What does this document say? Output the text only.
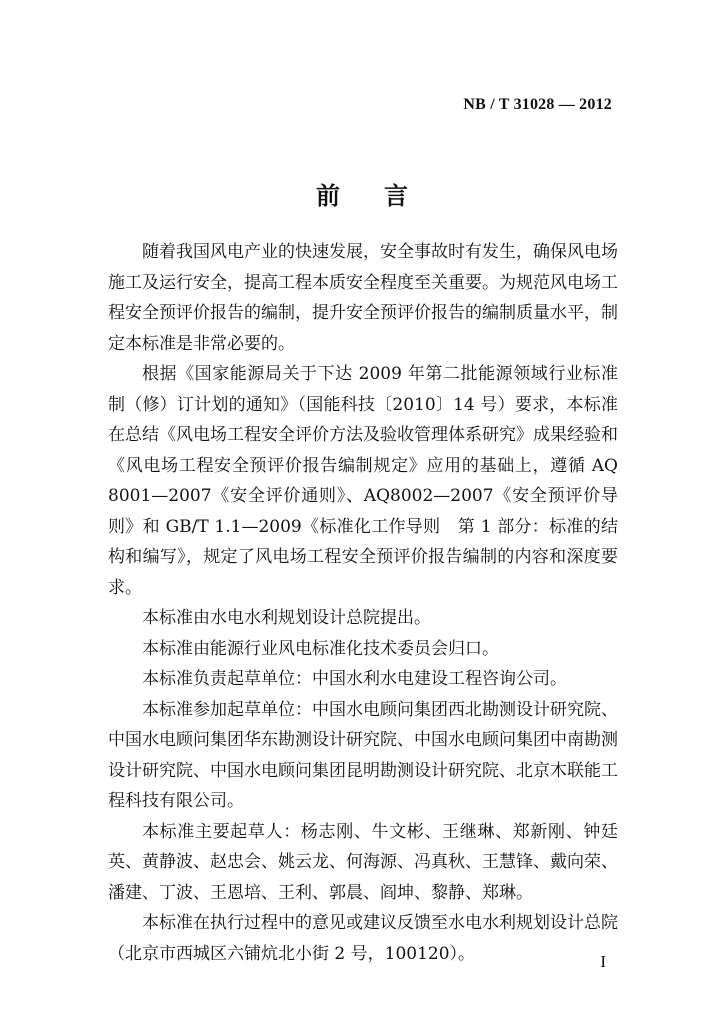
NB / T 31028 — 2012
前言

随着我国风电产业的快速发展，安全事故时有发生，确保风电场施工及运行安全，提高工程本质安全程度至关重要。为规范风电场工程安全预评价报告的编制，提升安全预评价报告的编制质量水平，制定本标准是非常必要的。

根据《国家能源局关于下达 2009 年第二批能源领域行业标准制（修）订计划的通知》（国能科技〔2010〕14 号）要求，本标准在总结《风电场工程安全评价方法及验收管理体系研究》成果经验和《风电场工程安全预评价报告编制规定》应用的基础上，遵循 AQ 8001—2007《安全评价通则》、AQ8002—2007《安全预评价导则》和 GB/T 1.1—2009《标准化工作导则　第 1 部分：标准的结构和编写》，规定了风电场工程安全预评价报告编制的内容和深度要求。

本标准由水电水利规划设计总院提出。

本标准由能源行业风电标准化技术委员会归口。

本标准负责起草单位：中国水利水电建设工程咨询公司。

本标准参加起草单位：中国水电顾问集团西北勘测设计研究院、中国水电顾问集团华东勘测设计研究院、中国水电顾问集团中南勘测设计研究院、中国水电顾问集团昆明勘测设计研究院、北京木联能工程科技有限公司。

本标准主要起草人：杨志刚、牛文彬、王继琳、郑新刚、钟廷英、黄静波、赵忠会、姚云龙、何海源、冯真秋、王慧锋、戴向荣、潘建、丁波、王恩培、王利、郭晨、阎坤、黎静、郑琳。

本标准在执行过程中的意见或建议反馈至水电水利规划设计总院（北京市西城区六铺炕北小街 2 号，100120）。	I
